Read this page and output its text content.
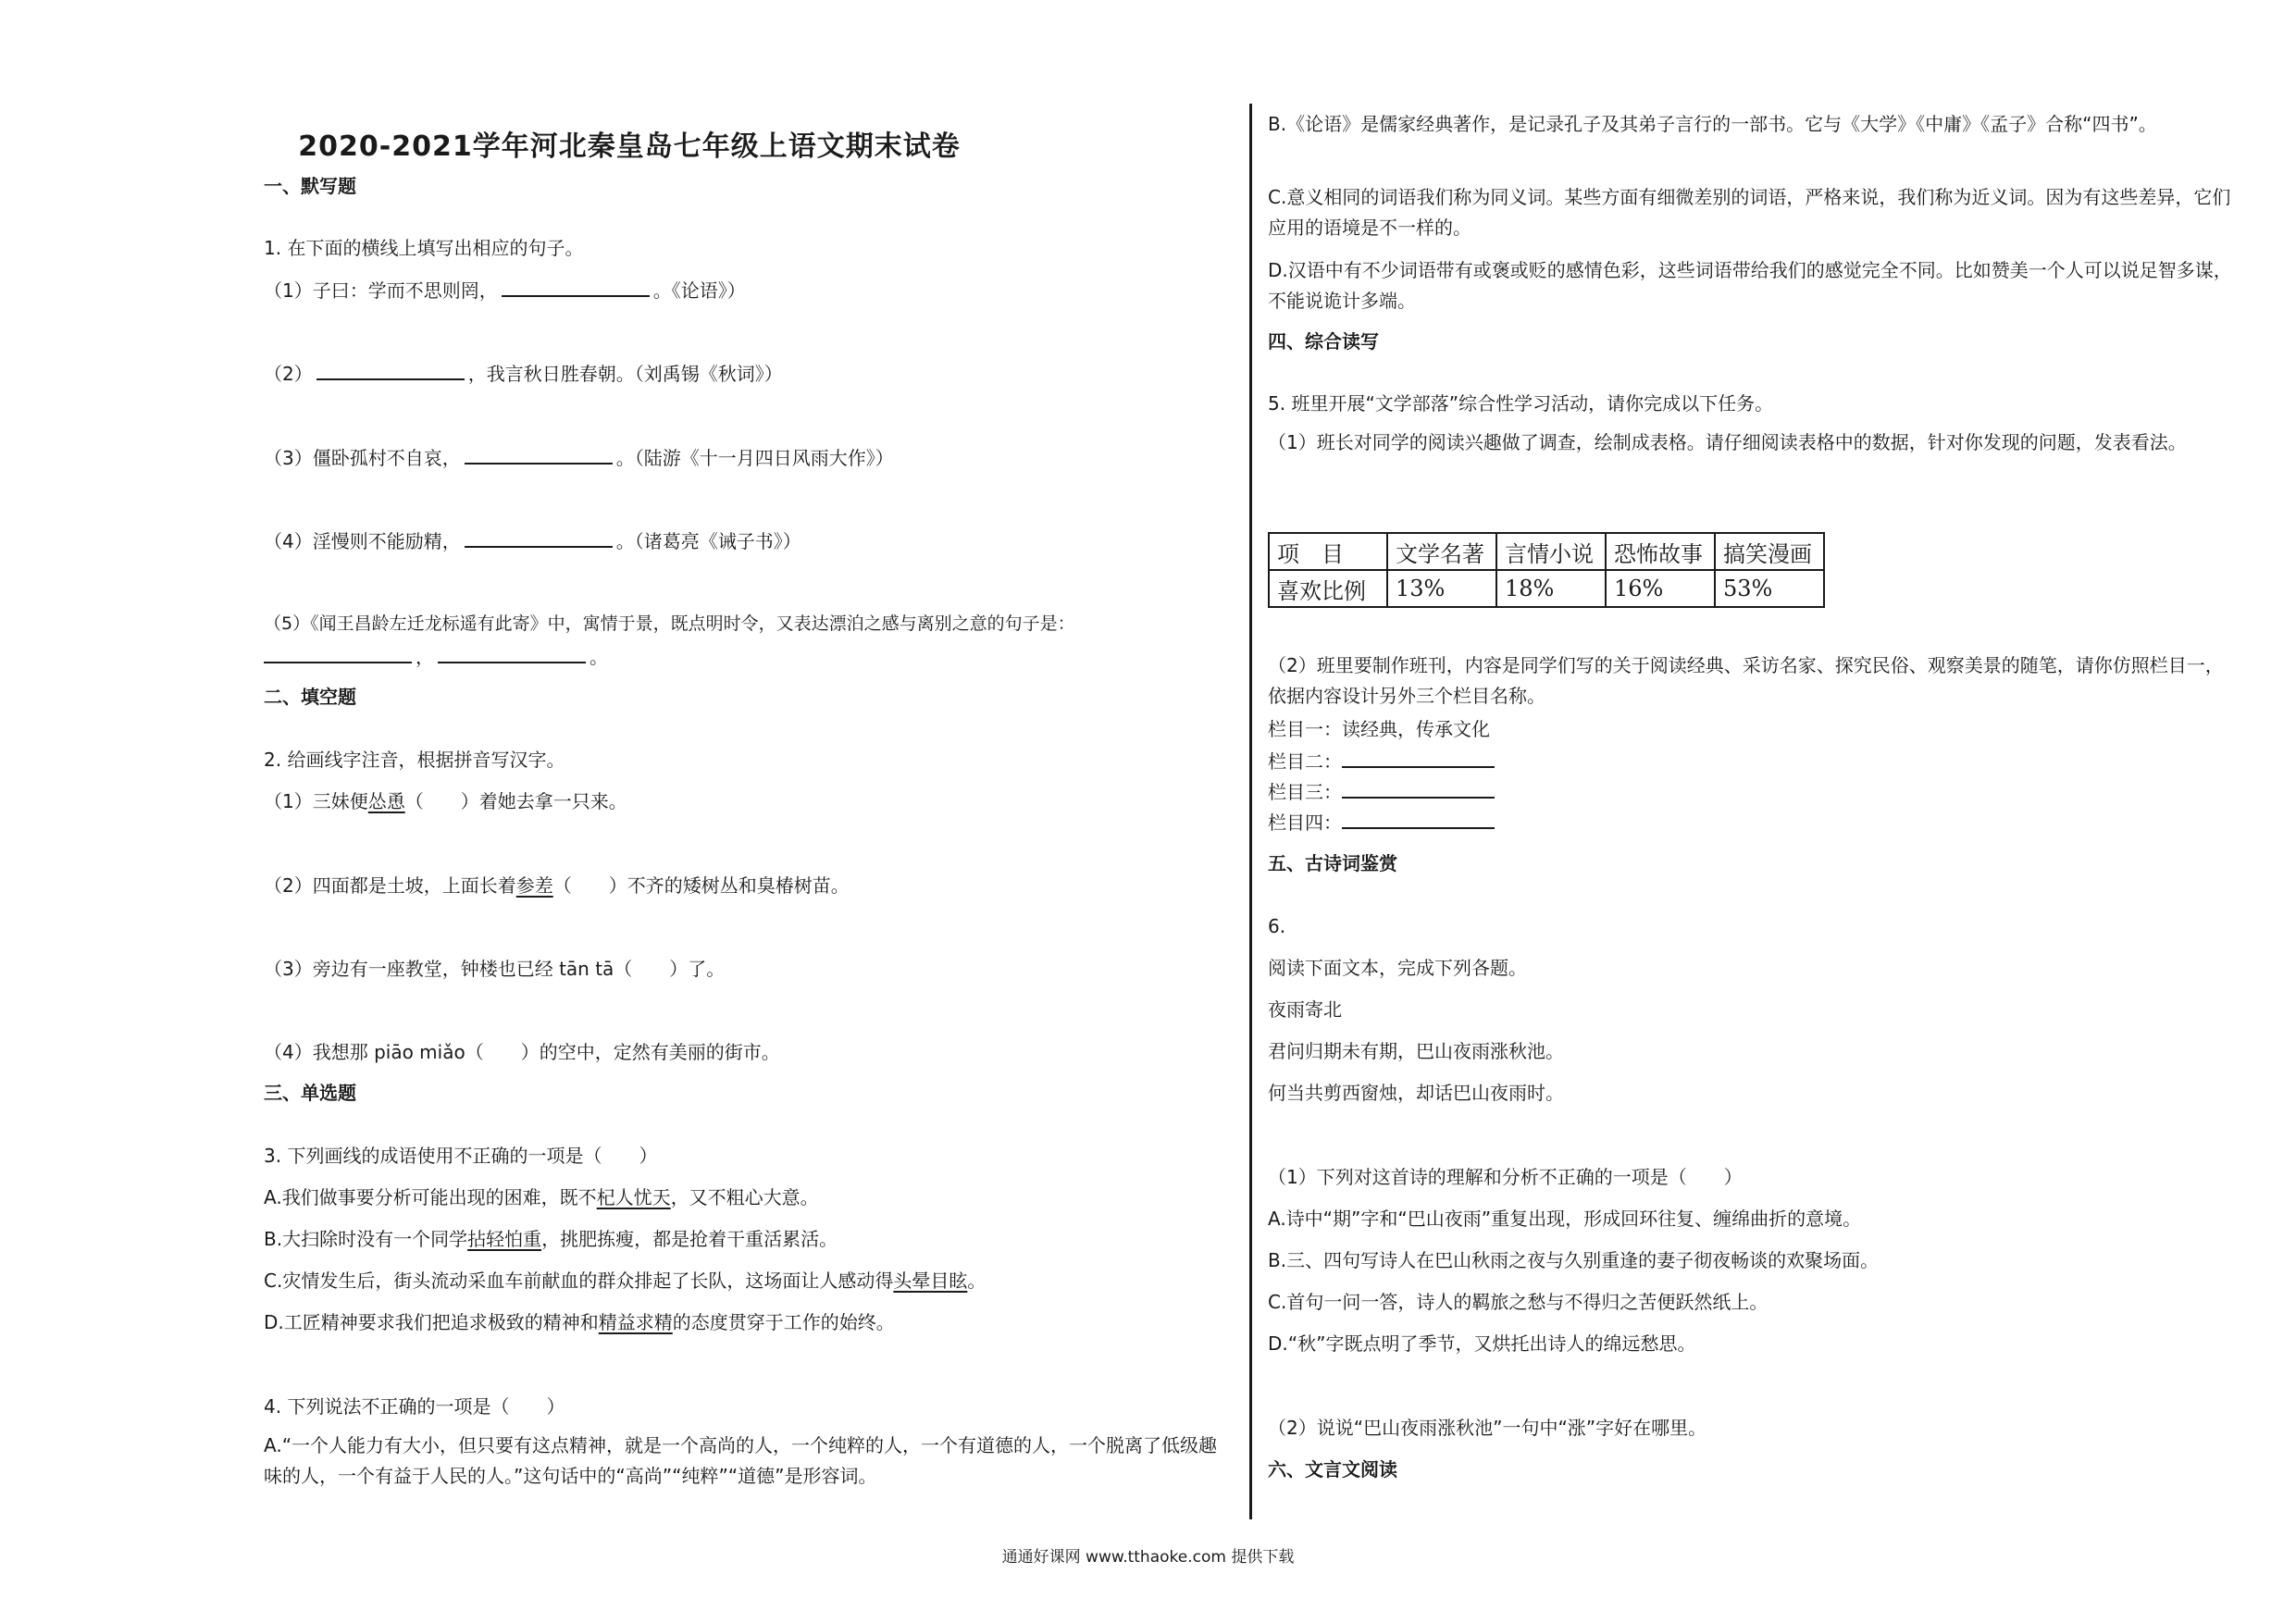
2020-2021学年河北秦皇岛七年级上语文期末试卷
一、默写题
1. 在下面的横线上填写出相应的句子。
（1）子曰：学而不思则罔，	。《论语》）
（2）	，我言秋日胜春朝。（刘禹锡《秋词》）
（3）僵卧孤村不自哀，	。（陆游《十一月四日风雨大作》）
（4）淫慢则不能励精，	。（诸葛亮《诫子书》）
（5）《闻王昌龄左迁龙标遥有此寄》中，寓情于景，既点明时令，又表达漂泊之感与离别之意的句子是：
，	。
二、填空题
2. 给画线字注音，根据拼音写汉字。
（1）三妹便怂恿（　　）着她去拿一只来。
（2）四面都是土坡，上面长着参差（　　）不齐的矮树丛和臭椿树苗。
（3）旁边有一座教堂，钟楼也已经 tān tā（　　）了。
（4）我想那 piāo miǎo（　　）的空中，定然有美丽的街市。
三、单选题
3. 下列画线的成语使用不正确的一项是（　　）
A.我们做事要分析可能出现的困难，既不杞人忧天，又不粗心大意。
B.大扫除时没有一个同学拈轻怕重，挑肥拣瘦，都是抢着干重活累活。
C.灾情发生后，街头流动采血车前献血的群众排起了长队，这场面让人感动得头晕目眩。
D.工匠精神要求我们把追求极致的精神和精益求精的态度贯穿于工作的始终。
4. 下列说法不正确的一项是（　　）
A.“一个人能力有大小，但只要有这点精神，就是一个高尚的人，一个纯粹的人，一个有道德的人，一个脱离了低级趣味的人，一个有益于人民的人。”这句话中的“高尚”“纯粹”“道德”是形容词。
B.《论语》是儒家经典著作，是记录孔子及其弟子言行的一部书。它与《大学》《中庸》《孟子》合称“四书”。
C.意义相同的词语我们称为同义词。某些方面有细微差别的词语，严格来说，我们称为近义词。因为有这些差异，它们应用的语境是不一样的。
D.汉语中有不少词语带有或褒或贬的感情色彩，这些词语带给我们的感觉完全不同。比如赞美一个人可以说足智多谋，不能说诡计多端。
四、综合读写
5. 班里开展“文学部落”综合性学习活动，请你完成以下任务。
（1）班长对同学的阅读兴趣做了调查，绘制成表格。请仔细阅读表格中的数据，针对你发现的问题，发表看法。
项　目	文学名著	言情小说	恐怖故事	搞笑漫画
喜欢比例	13%	18%	16%	53%
（2）班里要制作班刊，内容是同学们写的关于阅读经典、采访名家、探究民俗、观察美景的随笔，请你仿照栏目一，依据内容设计另外三个栏目名称。
栏目一：读经典，传承文化
栏目二：
栏目三：
栏目四：
五、古诗词鉴赏
6.
阅读下面文本，完成下列各题。
夜雨寄北
君问归期未有期，巴山夜雨涨秋池。
何当共剪西窗烛，却话巴山夜雨时。
（1）下列对这首诗的理解和分析不正确的一项是（　　）
A.诗中“期”字和“巴山夜雨”重复出现，形成回环往复、缠绵曲折的意境。
B.三、四句写诗人在巴山秋雨之夜与久别重逢的妻子彻夜畅谈的欢聚场面。
C.首句一问一答，诗人的羁旅之愁与不得归之苦便跃然纸上。
D.“秋”字既点明了季节，又烘托出诗人的绵远愁思。
（2）说说“巴山夜雨涨秋池”一句中“涨”字好在哪里。
六、文言文阅读
通通好课网 www.tthaoke.com 提供下载
